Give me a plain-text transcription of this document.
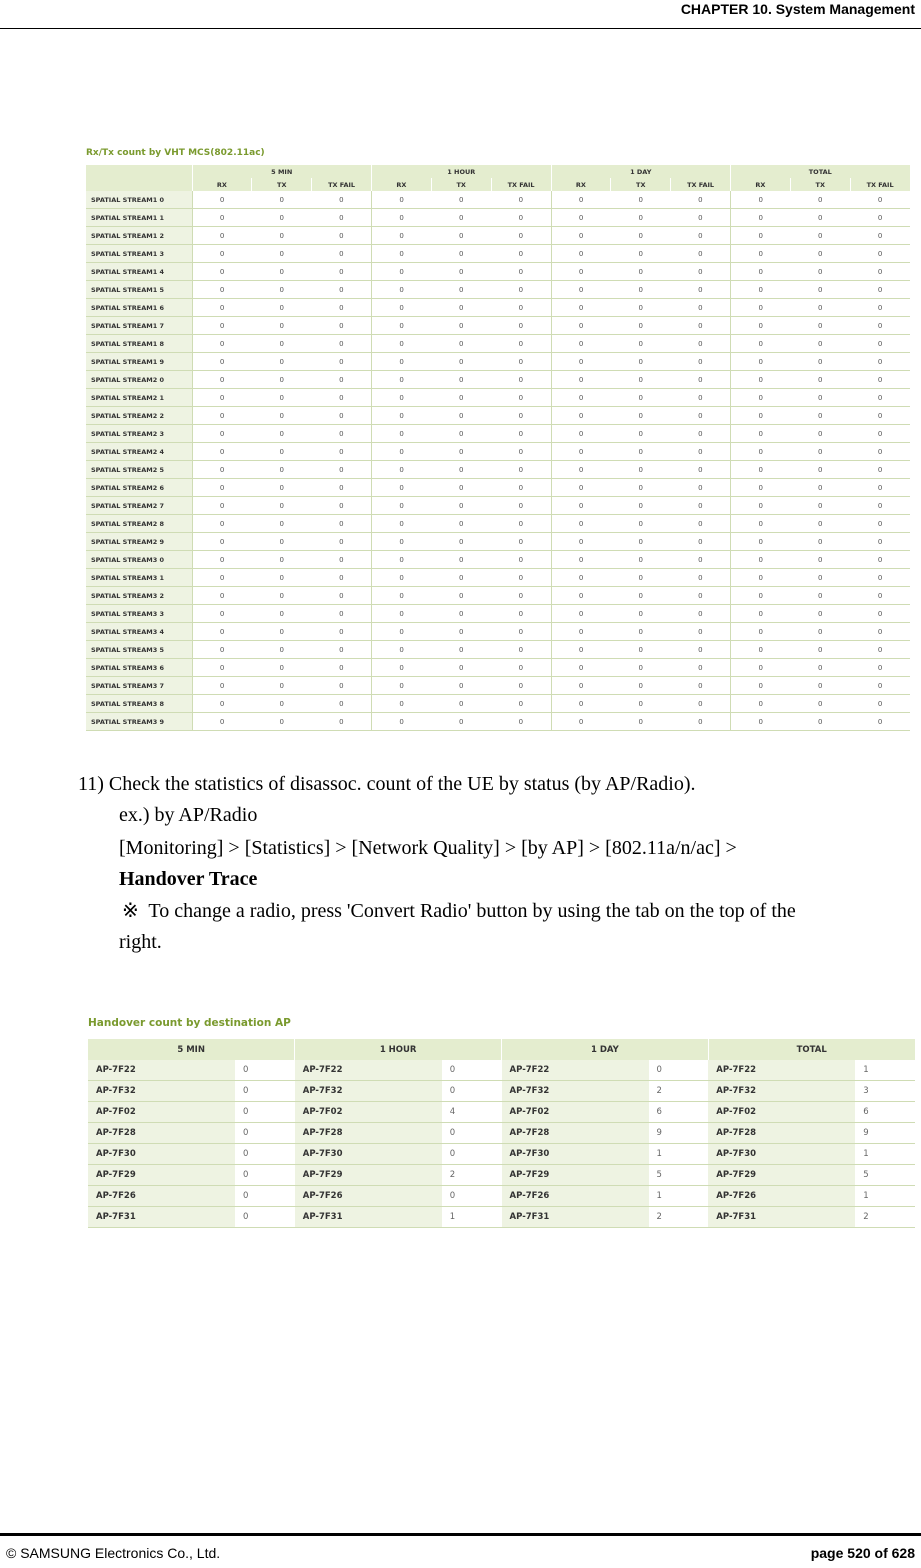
CHAPTER 10. System Management
Rx/Tx count by VHT MCS(802.11ac)
	5 MIN			1 HOUR			1 DAY			TOTAL		
	RX	TX	TX FAIL	RX	TX	TX FAIL	RX	TX	TX FAIL	RX	TX	TX FAIL
SPATIAL STREAM1 0	0	0	0	0	0	0	0	0	0	0	0	0
SPATIAL STREAM1 1	0	0	0	0	0	0	0	0	0	0	0	0
SPATIAL STREAM1 2	0	0	0	0	0	0	0	0	0	0	0	0
SPATIAL STREAM1 3	0	0	0	0	0	0	0	0	0	0	0	0
SPATIAL STREAM1 4	0	0	0	0	0	0	0	0	0	0	0	0
SPATIAL STREAM1 5	0	0	0	0	0	0	0	0	0	0	0	0
SPATIAL STREAM1 6	0	0	0	0	0	0	0	0	0	0	0	0
SPATIAL STREAM1 7	0	0	0	0	0	0	0	0	0	0	0	0
SPATIAL STREAM1 8	0	0	0	0	0	0	0	0	0	0	0	0
SPATIAL STREAM1 9	0	0	0	0	0	0	0	0	0	0	0	0
SPATIAL STREAM2 0	0	0	0	0	0	0	0	0	0	0	0	0
SPATIAL STREAM2 1	0	0	0	0	0	0	0	0	0	0	0	0
SPATIAL STREAM2 2	0	0	0	0	0	0	0	0	0	0	0	0
SPATIAL STREAM2 3	0	0	0	0	0	0	0	0	0	0	0	0
SPATIAL STREAM2 4	0	0	0	0	0	0	0	0	0	0	0	0
SPATIAL STREAM2 5	0	0	0	0	0	0	0	0	0	0	0	0
SPATIAL STREAM2 6	0	0	0	0	0	0	0	0	0	0	0	0
SPATIAL STREAM2 7	0	0	0	0	0	0	0	0	0	0	0	0
SPATIAL STREAM2 8	0	0	0	0	0	0	0	0	0	0	0	0
SPATIAL STREAM2 9	0	0	0	0	0	0	0	0	0	0	0	0
SPATIAL STREAM3 0	0	0	0	0	0	0	0	0	0	0	0	0
SPATIAL STREAM3 1	0	0	0	0	0	0	0	0	0	0	0	0
SPATIAL STREAM3 2	0	0	0	0	0	0	0	0	0	0	0	0
SPATIAL STREAM3 3	0	0	0	0	0	0	0	0	0	0	0	0
SPATIAL STREAM3 4	0	0	0	0	0	0	0	0	0	0	0	0
SPATIAL STREAM3 5	0	0	0	0	0	0	0	0	0	0	0	0
SPATIAL STREAM3 6	0	0	0	0	0	0	0	0	0	0	0	0
SPATIAL STREAM3 7	0	0	0	0	0	0	0	0	0	0	0	0
SPATIAL STREAM3 8	0	0	0	0	0	0	0	0	0	0	0	0
SPATIAL STREAM3 9	0	0	0	0	0	0	0	0	0	0	0	0
11) Check the statistics of disassoc. count of the UE by status (by AP/Radio).
ex.) by AP/Radio
[Monitoring] > [Statistics] > [Network Quality] > [by AP] > [802.11a/n/ac] >
Handover Trace
※ To change a radio, press 'Convert Radio' button by using the tab on the top of the
right.
Handover count by destination AP
5 MIN		1 HOUR		1 DAY		TOTAL	
AP-7F22	0	AP-7F22	0	AP-7F22	0	AP-7F22	1
AP-7F32	0	AP-7F32	0	AP-7F32	2	AP-7F32	3
AP-7F02	0	AP-7F02	4	AP-7F02	6	AP-7F02	6
AP-7F28	0	AP-7F28	0	AP-7F28	9	AP-7F28	9
AP-7F30	0	AP-7F30	0	AP-7F30	1	AP-7F30	1
AP-7F29	0	AP-7F29	2	AP-7F29	5	AP-7F29	5
AP-7F26	0	AP-7F26	0	AP-7F26	1	AP-7F26	1
AP-7F31	0	AP-7F31	1	AP-7F31	2	AP-7F31	2
© SAMSUNG Electronics Co., Ltd.	page 520 of 628
